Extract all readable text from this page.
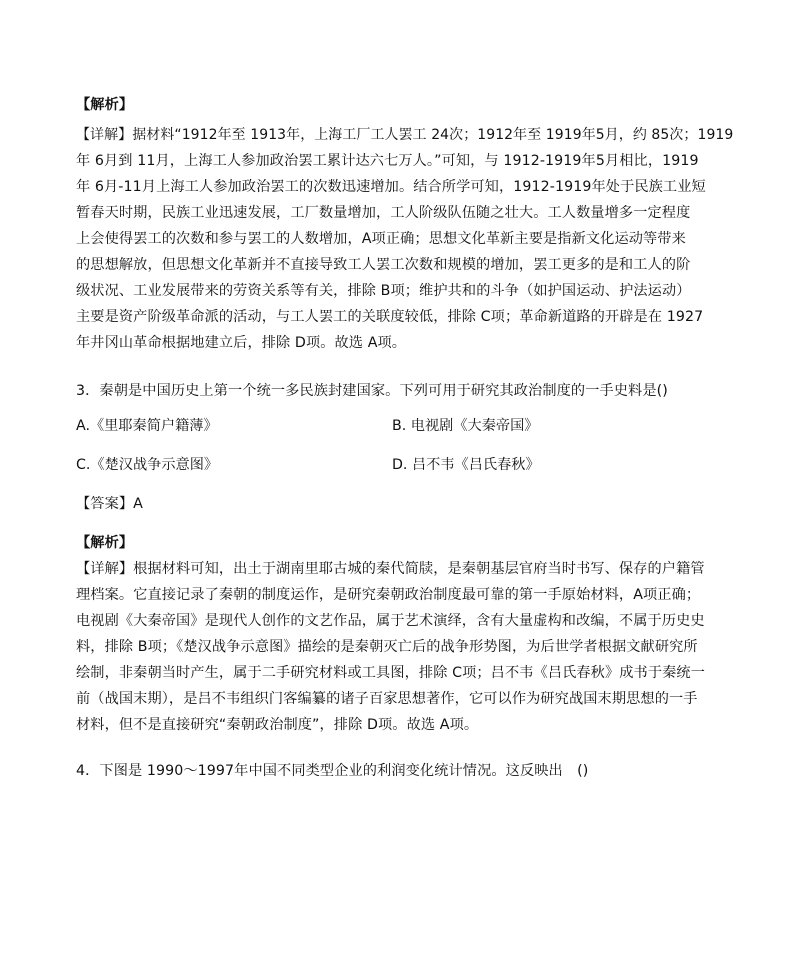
【解析】
【详解】据材料“1912年至 1913年，上海工厂工人罢工 24次；1912年至 1919年5月，约 85次；1919
年 6月到 11月，上海工人参加政治罢工累计达六七万人。”可知，与 1912-1919年5月相比，1919
年 6月-11月上海工人参加政治罢工的次数迅速增加。结合所学可知，1912-1919年处于民族工业短
暂春天时期，民族工业迅速发展，工厂数量增加，工人阶级队伍随之壮大。工人数量增多一定程度
上会使得罢工的次数和参与罢工的人数增加，A项正确；思想文化革新主要是指新文化运动等带来
的思想解放，但思想文化革新并不直接导致工人罢工次数和规模的增加，罢工更多的是和工人的阶
级状况、工业发展带来的劳资关系等有关，排除 B项；维护共和的斗争（如护国运动、护法运动）
主要是资产阶级革命派的活动，与工人罢工的关联度较低，排除 C项；革命新道路的开辟是在 1927
年井冈山革命根据地建立后，排除 D项。故选 A项。
3．秦朝是中国历史上第一个统一多民族封建国家。下列可用于研究其政治制度的一手史料是()
A.《里耶秦简户籍薄》	B. 电视剧《大秦帝国》
C.《楚汉战争示意图》	D. 吕不韦《吕氏春秋》
【答案】A
【解析】
【详解】根据材料可知，出土于湖南里耶古城的秦代简牍，是秦朝基层官府当时书写、保存的户籍管
理档案。它直接记录了秦朝的制度运作，是研究秦朝政治制度最可靠的第一手原始材料，A项正确；
电视剧《大秦帝国》是现代人创作的文艺作品，属于艺术演绎，含有大量虚构和改编，不属于历史史
料，排除 B项；《楚汉战争示意图》描绘的是秦朝灭亡后的战争形势图，为后世学者根据文献研究所
绘制，非秦朝当时产生，属于二手研究材料或工具图，排除 C项；吕不韦《吕氏春秋》成书于秦统一
前（战国末期），是吕不韦组织门客编纂的诸子百家思想著作，它可以作为研究战国末期思想的一手
材料，但不是直接研究“秦朝政治制度”，排除 D项。故选 A项。
4．下图是 1990～1997年中国不同类型企业的利润变化统计情况。这反映出　()
